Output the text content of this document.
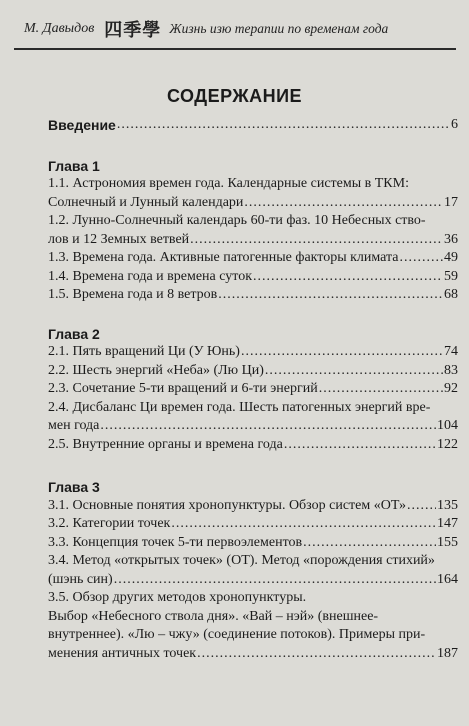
М. Давыдов 四季學 Жизнь изю терапии по временам года
СОДЕРЖАНИЕ
Введение .....	6
Глава 1
1.1. Астрономия времен года. Календарные системы в ТКМ:
Солнечный и Лунный календари .....	17
1.2. Лунно-Солнечный календарь 60-ти фаз. 10 Небесных ство-
лов и 12 Земных ветвей .....	36
1.3. Времена года. Активные патогенные факторы климата .....	49
1.4. Времена года и времена суток .....	59
1.5. Времена года и 8 ветров .....	68
Глава 2
2.1. Пять вращений Ци (У Юнь) .....	74
2.2. Шесть энергий «Неба» (Лю Ци) .....	83
2.3. Сочетание 5-ти вращений и 6-ти энергий .....	92
2.4. Дисбаланс Ци времен года. Шесть патогенных энергий вре-
мен года .....	104
2.5. Внутренние органы и времена года .....	122
Глава 3
3.1. Основные понятия хронопунктуры. Обзор систем «ОТ» ..... 135
3.2. Категории точек .....	147
3.3. Концепция точек 5-ти первоэлементов .....	155
3.4. Метод «открытых точек» (ОТ). Метод «порождения стихий»
(шэнь син) .....	164
3.5. Обзор других методов хронопунктуры.
Выбор «Небесного ствола дня». «Вай – нэй» (внешнее-
внутреннее). «Лю – чжу» (соединение потоков). Примеры при-
менения античных точек .....	187
